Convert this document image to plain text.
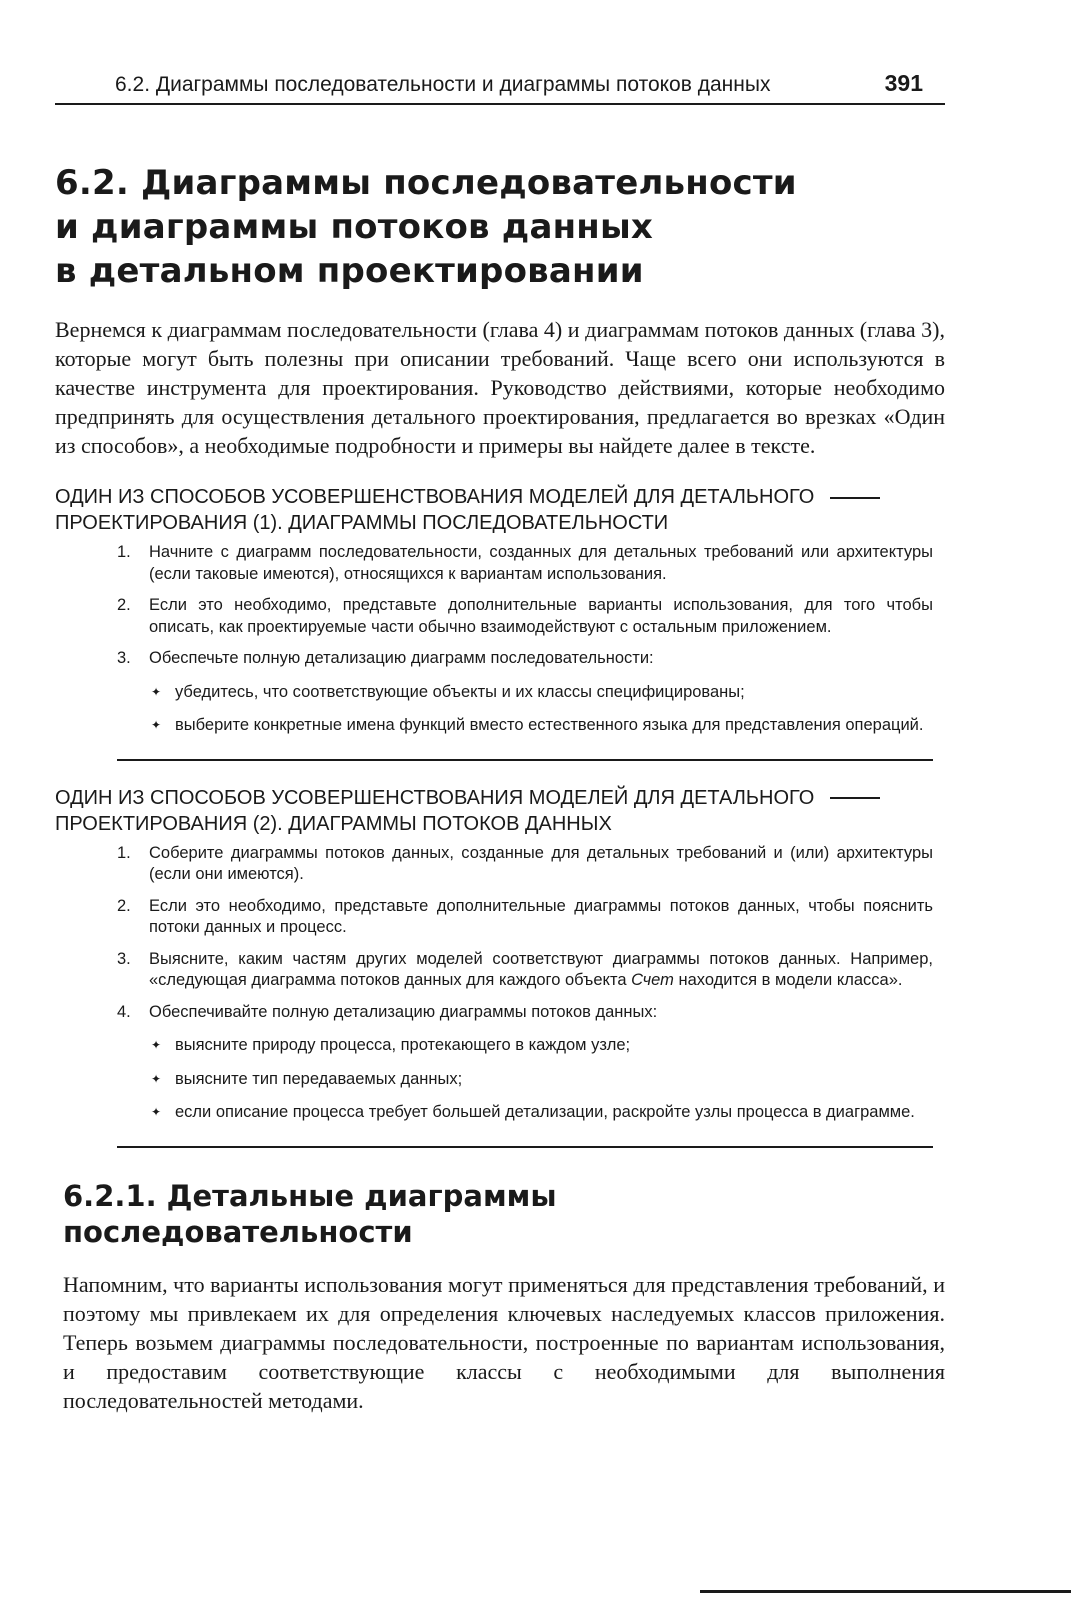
6.2. Диаграммы последовательности и диаграммы потоков данных	391
6.2. Диаграммы последовательности
и диаграммы потоков данных
в детальном проектировании

Вернемся к диаграммам последовательности (глава 4) и диаграммам потоков данных (глава 3), которые могут быть полезны при описании требований. Чаще всего они используются в качестве инструмента для проектирования. Руководство действиями, которые необходимо предпринять для осуществления детального проектирования, предлагается во врезках «Один из способов», а необходимые подробности и примеры вы найдете далее в тексте.

ОДИН ИЗ СПОСОБОВ УСОВЕРШЕНСТВОВАНИЯ МОДЕЛЕЙ ДЛЯ ДЕТАЛЬНОГО
ПРОЕКТИРОВАНИЯ (1). ДИАГРАММЫ ПОСЛЕДОВАТЕЛЬНОСТИ

1. Начните с диаграмм последовательности, созданных для детальных требований или архитектуры (если таковые имеются), относящихся к вариантам использования.
2. Если это необходимо, представьте дополнительные варианты использования, для того чтобы описать, как проектируемые части обычно взаимодействуют с остальным приложением.
3. Обеспечьте полную детализацию диаграмм последовательности:
✦ убедитесь, что соответствующие объекты и их классы специфицированы;
✦ выберите конкретные имена функций вместо естественного языка для представления операций.

ОДИН ИЗ СПОСОБОВ УСОВЕРШЕНСТВОВАНИЯ МОДЕЛЕЙ ДЛЯ ДЕТАЛЬНОГО
ПРОЕКТИРОВАНИЯ (2). ДИАГРАММЫ ПОТОКОВ ДАННЫХ

1. Соберите диаграммы потоков данных, созданные для детальных требований и (или) архитектуры (если они имеются).
2. Если это необходимо, представьте дополнительные диаграммы потоков данных, чтобы пояснить потоки данных и процесс.
3. Выясните, каким частям других моделей соответствуют диаграммы потоков данных. Например, «следующая диаграмма потоков данных для каждого объекта Счет находится в модели класса».
4. Обеспечивайте полную детализацию диаграммы потоков данных:
✦ выясните природу процесса, протекающего в каждом узле;
✦ выясните тип передаваемых данных;
✦ если описание процесса требует большей детализации, раскройте узлы процесса в диаграмме.
6.2.1. Детальные диаграммы
последовательности

Напомним, что варианты использования могут применяться для представления требований, и поэтому мы привлекаем их для определения ключевых наследуемых классов приложения. Теперь возьмем диаграммы последовательности, построенные по вариантам использования, и предоставим соответствующие классы с необходимыми для выполнения последовательностей методами.
